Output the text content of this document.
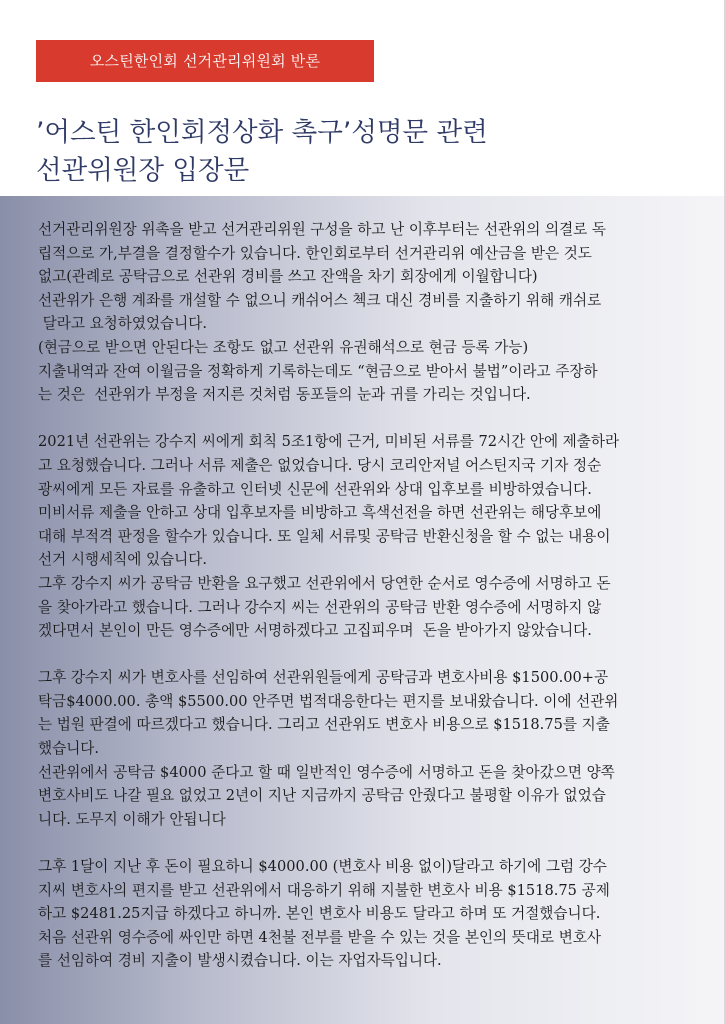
오스틴한인회 선거관리위원회 반론
’어스틴 한인회정상화 촉구’성명문 관련
선관위원장 입장문
선거관리위원장 위촉을 받고 선거관리위원 구성을 하고 난 이후부터는 선관위의 의결로 독
립적으로 가,부결을 결정할수가 있습니다. 한인회로부터 선거관리위 예산금을 받은 것도
없고(관례로 공탁금으로 선관위 경비를 쓰고 잔액을 차기 회장에게 이월합니다)
선관위가 은행 계좌를 개설할 수 없으니 캐쉬어스 첵크 대신 경비를 지출하기 위해 캐쉬로
달라고 요청하였었습니다.
(현금으로 받으면 안된다는 조항도 없고 선관위 유권해석으로 현금 등록 가능)
지출내역과 잔여 이월금을 정확하게 기록하는데도 “현금으로 받아서 불법”이라고 주장하
는 것은  선관위가 부정을 저지른 것처럼 동포들의 눈과 귀를 가리는 것입니다.
2021년 선관위는 강수지 씨에게 회칙 5조1항에 근거, 미비된 서류를 72시간 안에 제출하라
고 요청했습니다. 그러나 서류 제출은 없었습니다. 당시 코리안저널 어스틴지국 기자 정순
광씨에게 모든 자료를 유출하고 인터넷 신문에 선관위와 상대 입후보를 비방하였습니다.
미비서류 제출을 안하고 상대 입후보자를 비방하고 흑색선전을 하면 선관위는 해당후보에
대해 부적격 판정을 할수가 있습니다. 또 일체 서류및 공탁금 반환신청을 할 수 없는 내용이
선거 시행세칙에 있습니다.
그후 강수지 씨가 공탁금 반환을 요구했고 선관위에서 당연한 순서로 영수증에 서명하고 돈
을 찾아가라고 했습니다. 그러나 강수지 씨는 선관위의 공탁금 반환 영수증에 서명하지 않
겠다면서 본인이 만든 영수증에만 서명하겠다고 고집피우며  돈을 받아가지 않았습니다.
그후 강수지 씨가 변호사를 선임하여 선관위원들에게 공탁금과 변호사비용 $1500.00+공
탁금$4000.00. 총액 $5500.00 안주면 법적대응한다는 편지를 보내왔습니다. 이에 선관위
는 법원 판결에 따르겠다고 했습니다. 그리고 선관위도 변호사 비용으로 $1518.75를 지출
했습니다.
선관위에서 공탁금 $4000 준다고 할 때 일반적인 영수증에 서명하고 돈을 찾아갔으면 양쪽
변호사비도 나갈 필요 없었고 2년이 지난 지금까지 공탁금 안줬다고 불평할 이유가 없었습
니다. 도무지 이해가 안됩니다
그후 1달이 지난 후 돈이 필요하니 $4000.00 (변호사 비용 없이)달라고 하기에 그럼 강수
지씨 변호사의 편지를 받고 선관위에서 대응하기 위해 지불한 변호사 비용 $1518.75 공제
하고 $2481.25지급 하겠다고 하니까. 본인 변호사 비용도 달라고 하며 또 거절했습니다.
처음 선관위 영수증에 싸인만 하면 4천불 전부를 받을 수 있는 것을 본인의 뜻대로 변호사
를 선임하여 경비 지출이 발생시켰습니다. 이는 자업자득입니다.
